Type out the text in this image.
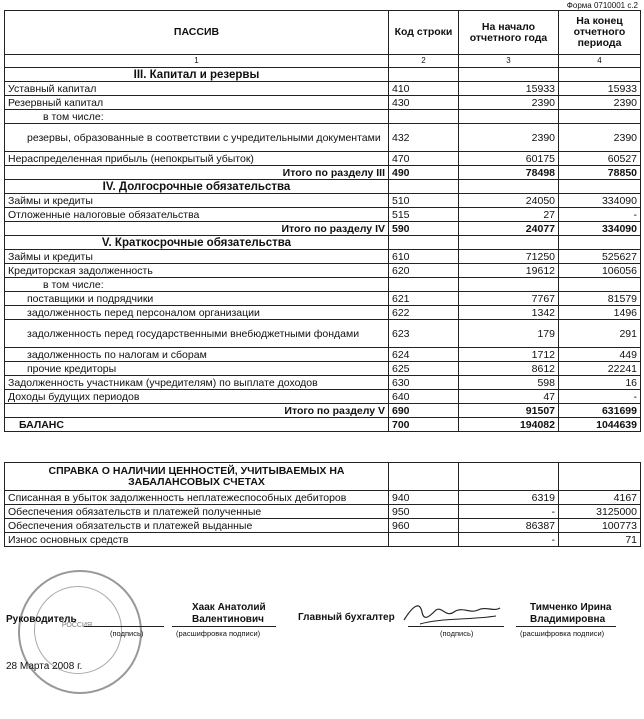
Форма 0710001 с.2
ПАССИВ	Код строки	На начало отчетного года	На конец отчетного периода
1	2	3	4
III. Капитал и резервы			
Уставный капитал	410	15933	15933
Резервный капитал	430	2390	2390
в том числе:			
резервы, образованные в соответствии с учредительными документами	432	2390	2390
Нераспределенная прибыль (непокрытый убыток)	470	60175	60527
Итого по разделу III	490	78498	78850
IV. Долгосрочные обязательства			
Займы и кредиты	510	24050	334090
Отложенные налоговые обязательства	515	27	-
Итого по разделу IV	590	24077	334090
V. Краткосрочные обязательства			
Займы и кредиты	610	71250	525627
Кредиторская задолженность	620	19612	106056
в том числе:			
поставщики и подрядчики	621	7767	81579
задолженность перед персоналом организации	622	1342	1496
задолженность перед государственными внебюджетными фондами	623	179	291
задолженность по налогам и сборам	624	1712	449
прочие кредиторы	625	8612	22241
Задолженность участникам (учредителям) по выплате доходов	630	598	16
Доходы будущих периодов	640	47	-
Итого по разделу V	690	91507	631699
БАЛАНС	700	194082	1044639
СПРАВКА О НАЛИЧИИ ЦЕННОСТЕЙ, УЧИТЫВАЕМЫХ НА ЗАБАЛАНСОВЫХ СЧЕТАХ			
Списанная в убыток задолженность неплатежеспособных дебиторов	940	6319	4167
Обеспечения обязательств и платежей полученные	950	-	3125000
Обеспечения обязательств и платежей выданные	960	86387	100773
Износ основных средств		-	71
РОССИЯ
Руководитель
(подпись)
Хаак Анатолий
Валентинович
(расшифровка подписи)
Главный бухгалтер
(подпись)
Тимченко Ирина
Владимировна
(расшифровка подписи)
28 Марта 2008 г.
